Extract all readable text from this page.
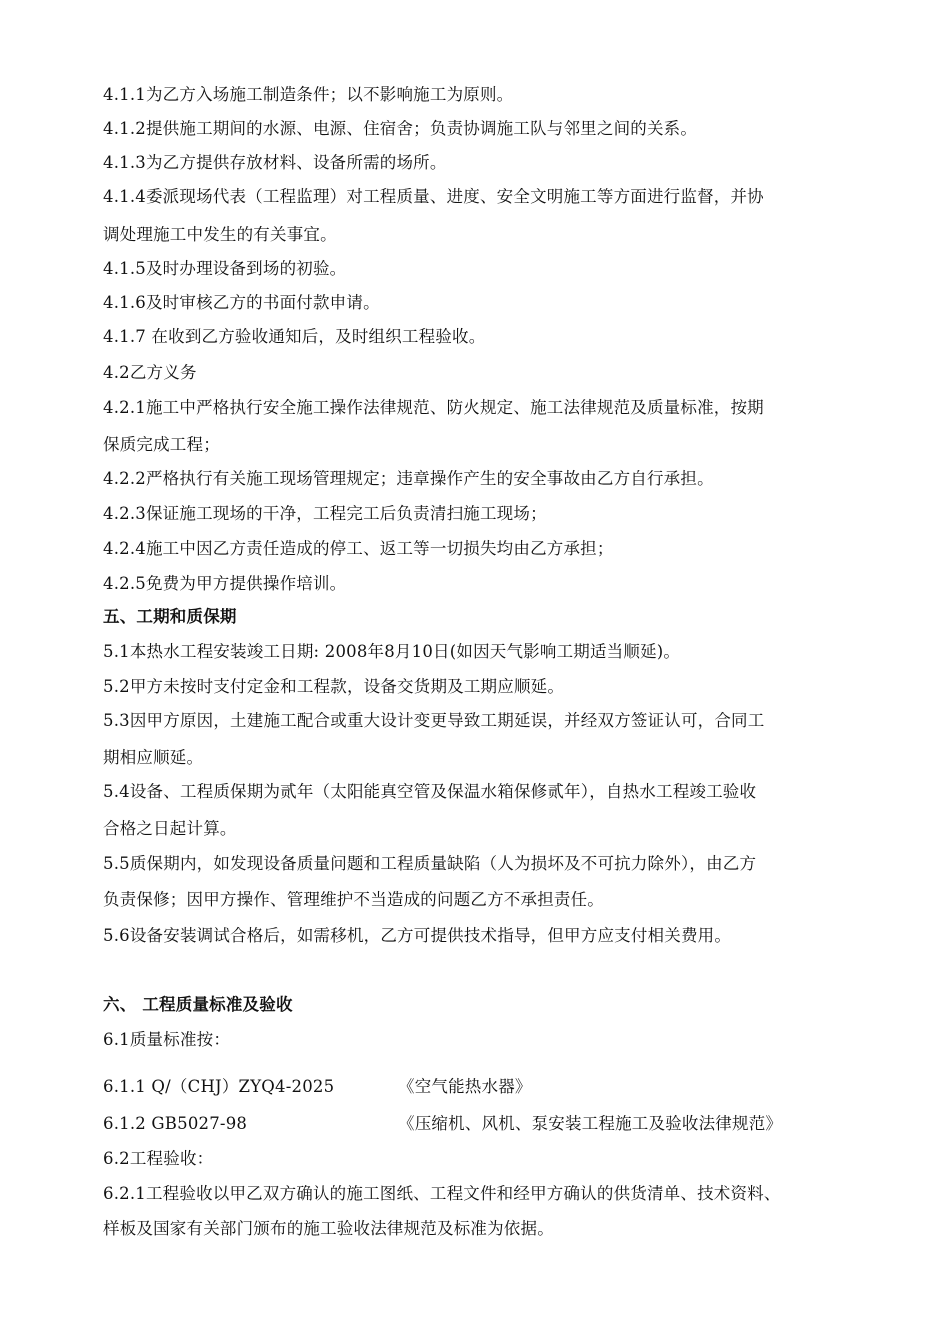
4.1.1为乙方入场施工制造条件；以不影响施工为原则。
4.1.2提供施工期间的水源、电源、住宿舍；负责协调施工队与邻里之间的关系。
4.1.3为乙方提供存放材料、设备所需的场所。
4.1.4委派现场代表（工程监理）对工程质量、进度、安全文明施工等方面进行监督，并协
调处理施工中发生的有关事宜。
4.1.5及时办理设备到场的初验。
4.1.6及时审核乙方的书面付款申请。
4.1.7 在收到乙方验收通知后，及时组织工程验收。
4.2乙方义务
4.2.1施工中严格执行安全施工操作法律规范、防火规定、施工法律规范及质量标准，按期
保质完成工程；
4.2.2严格执行有关施工现场管理规定；违章操作产生的安全事故由乙方自行承担。
4.2.3保证施工现场的干净，工程完工后负责清扫施工现场；
4.2.4施工中因乙方责任造成的停工、返工等一切损失均由乙方承担；
4.2.5免费为甲方提供操作培训。
五、工期和质保期
5.1本热水工程安装竣工日期: 2008年8月10日(如因天气影响工期适当顺延)。
5.2甲方未按时支付定金和工程款，设备交货期及工期应顺延。
5.3因甲方原因，土建施工配合或重大设计变更导致工期延误，并经双方签证认可，合同工
期相应顺延。
5.4设备、工程质保期为贰年（太阳能真空管及保温水箱保修贰年），自热水工程竣工验收
合格之日起计算。
5.5质保期内，如发现设备质量问题和工程质量缺陷（人为损坏及不可抗力除外），由乙方
负责保修；因甲方操作、管理维护不当造成的问题乙方不承担责任。
5.6设备安装调试合格后，如需移机，乙方可提供技术指导，但甲方应支付相关费用。
六、 工程质量标准及验收
6.1质量标准按：
6.1.1 Q/（CHJ）ZYQ4-2025	《空气能热水器》
6.1.2 GB5027-98	《压缩机、风机、泵安装工程施工及验收法律规范》
6.2工程验收：
6.2.1工程验收以甲乙双方确认的施工图纸、工程文件和经甲方确认的供货清单、技术资料、
样板及国家有关部门颁布的施工验收法律规范及标准为依据。
